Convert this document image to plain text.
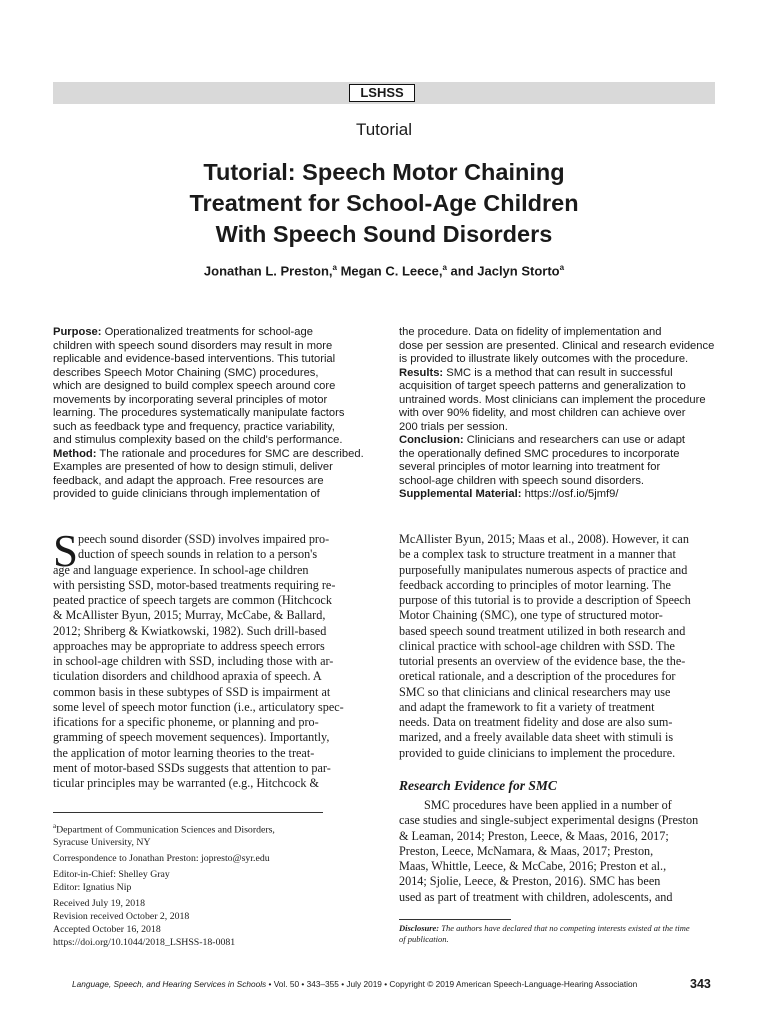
LSHSS
Tutorial
Tutorial: Speech Motor Chaining
Treatment for School-Age Children
With Speech Sound Disorders
Jonathan L. Preston,$^a$ Megan C. Leece,$^a$ and Jaclyn Storto$^a$
Purpose: Operationalized treatments for school-age
children with speech sound disorders may result in more
replicable and evidence-based interventions. This tutorial
describes Speech Motor Chaining (SMC) procedures,
which are designed to build complex speech around core
movements by incorporating several principles of motor
learning. The procedures systematically manipulate factors
such as feedback type and frequency, practice variability,
and stimulus complexity based on the child's performance.
Method: The rationale and procedures for SMC are described.
Examples are presented of how to design stimuli, deliver
feedback, and adapt the approach. Free resources are
provided to guide clinicians through implementation of
the procedure. Data on fidelity of implementation and
dose per session are presented. Clinical and research evidence
is provided to illustrate likely outcomes with the procedure.
Results: SMC is a method that can result in successful
acquisition of target speech patterns and generalization to
untrained words. Most clinicians can implement the procedure
with over 90% fidelity, and most children can achieve over
200 trials per session.
Conclusion: Clinicians and researchers can use or adapt
the operationally defined SMC procedures to incorporate
several principles of motor learning into treatment for
school-age children with speech sound disorders.
Supplemental Material: https://osf.io/5jmf9/
S peech sound disorder (SSD) involves impaired pro-
duction of speech sounds in relation to a person's
age and language experience. In school-age children
with persisting SSD, motor-based treatments requiring re-
peated practice of speech targets are common (Hitchcock
& McAllister Byun, 2015; Murray, McCabe, & Ballard,
2012; Shriberg & Kwiatkowski, 1982). Such drill-based
approaches may be appropriate to address speech errors
in school-age children with SSD, including those with ar-
ticulation disorders and childhood apraxia of speech. A
common basis in these subtypes of SSD is impairment at
some level of speech motor function (i.e., articulatory spec-
ifications for a specific phoneme, or planning and pro-
gramming of speech movement sequences). Importantly,
the application of motor learning theories to the treat-
ment of motor-based SSDs suggests that attention to par-
ticular principles may be warranted (e.g., Hitchcock &
McAllister Byun, 2015; Maas et al., 2008). However, it can
be a complex task to structure treatment in a manner that
purposefully manipulates numerous aspects of practice and
feedback according to principles of motor learning. The
purpose of this tutorial is to provide a description of Speech
Motor Chaining (SMC), one type of structured motor-
based speech sound treatment utilized in both research and
clinical practice with school-age children with SSD. The
tutorial presents an overview of the evidence base, the the-
oretical rationale, and a description of the procedures for
SMC so that clinicians and clinical researchers may use
and adapt the framework to fit a variety of treatment
needs. Data on treatment fidelity and dose are also sum-
marized, and a freely available data sheet with stimuli is
provided to guide clinicians to implement the procedure.
Research Evidence for SMC
SMC procedures have been applied in a number of
case studies and single-subject experimental designs (Preston
& Leaman, 2014; Preston, Leece, & Maas, 2016, 2017;
Preston, Leece, McNamara, & Maas, 2017; Preston,
Maas, Whittle, Leece, & McCabe, 2016; Preston et al.,
2014; Sjolie, Leece, & Preston, 2016). SMC has been
used as part of treatment with children, adolescents, and
$^a$Department of Communication Sciences and Disorders,
Syracuse University, NY
Correspondence to Jonathan Preston: jopresto@syr.edu
Editor-in-Chief: Shelley Gray
Editor: Ignatius Nip
Received July 19, 2018
Revision received October 2, 2018
Accepted October 16, 2018
https://doi.org/10.1044/2018_LSHSS-18-0081
Disclosure: The authors have declared that no competing interests existed at the time
of publication.
Language, Speech, and Hearing Services in Schools • Vol. 50 • 343–355 • July 2019 • Copyright © 2019 American Speech-Language-Hearing Association	343
